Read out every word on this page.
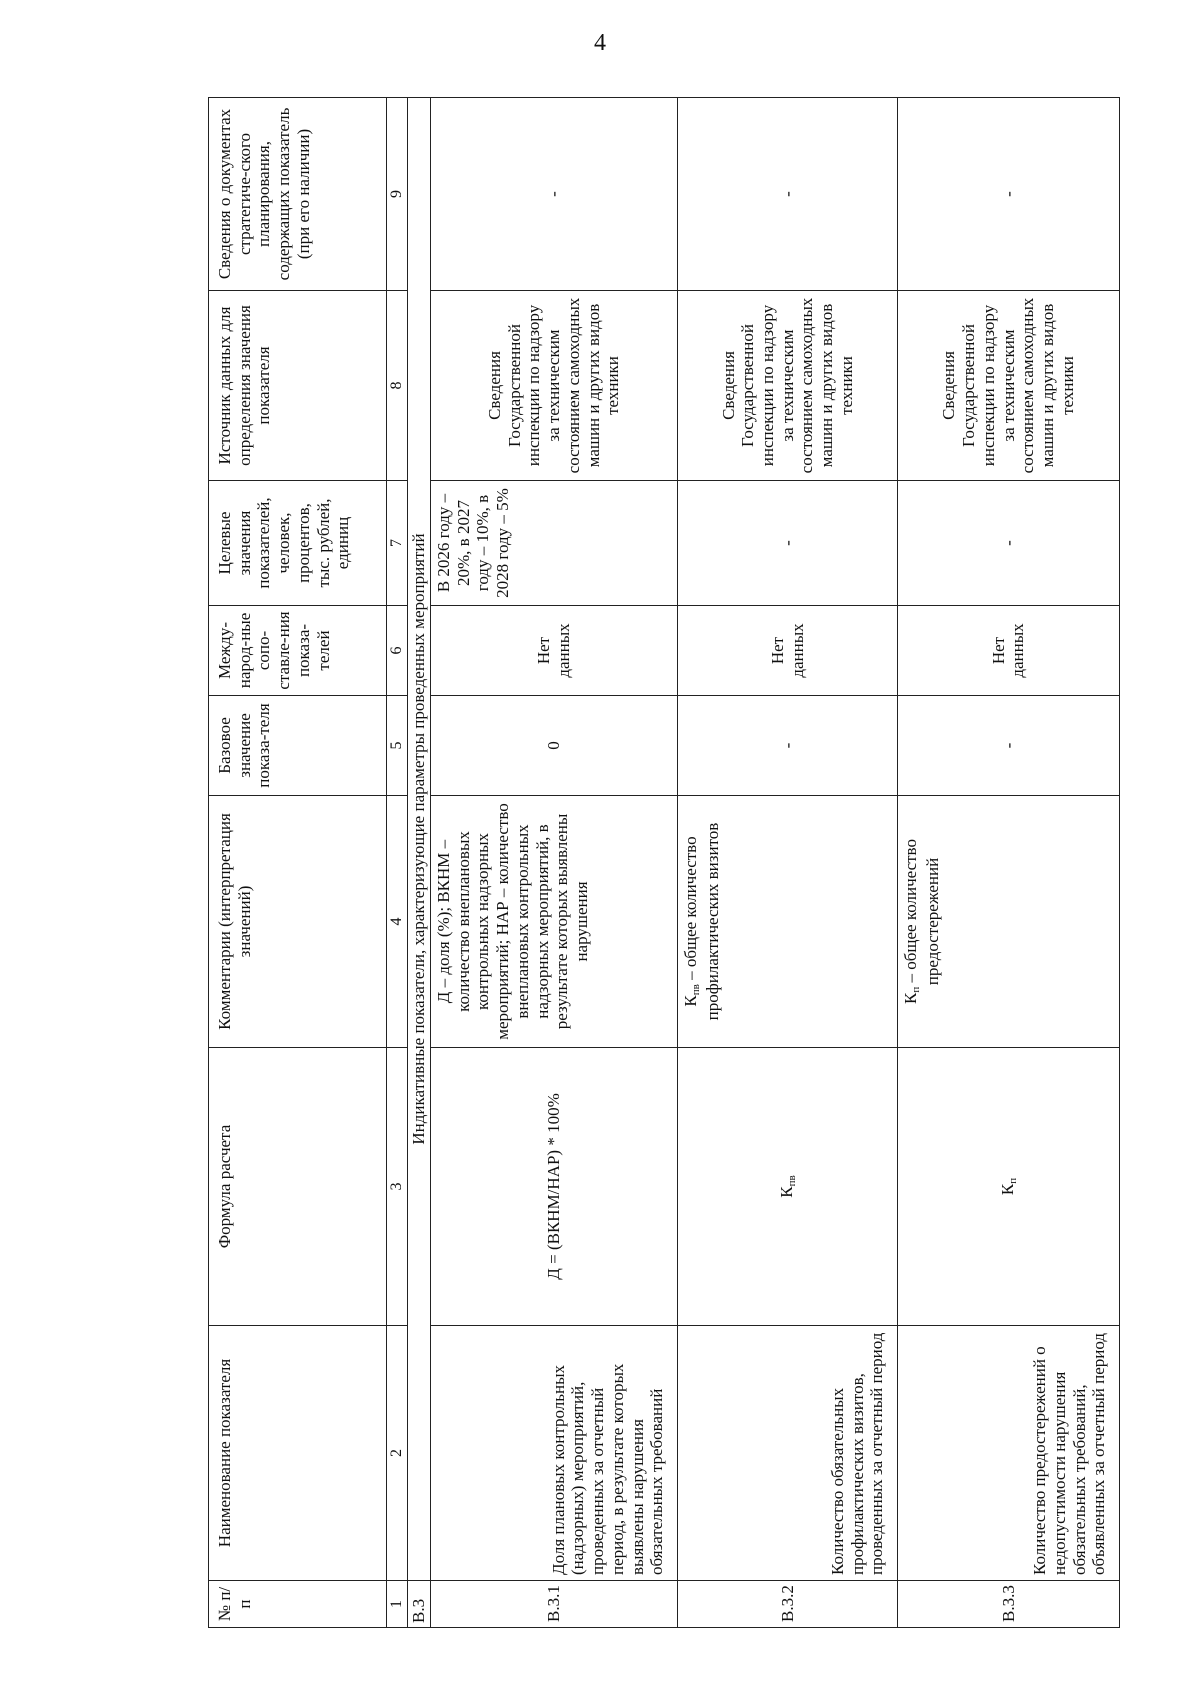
4
№ п/п	Наименование показателя	Формула расчета	Комментарии (интерпретация значений)	Базовое значение показа-теля	Между-народ-ные сопо-ставле-ния показа-телей	Целевые значения показателей, человек, процентов, тыс. рублей, единиц	Источник данных для определения значения показателя	Сведения о документах стратегиче-ского планирования, содержащих показатель (при его наличии)
1	2	3	4	5	6	7	8	9
В.3	Индикативные показатели, характеризующие параметры проведенных мероприятий							
В.3.1	Доля плановых контрольных (надзорных) мероприятий, проведенных за отчетный период, в результате которых выявлены нарушения обязательных требований	Д = (ВКНМ/НАР) * 100%	Д – доля (%); ВКНМ – количество внеплановых контрольных надзорных мероприятий; НАР – количество внеплановых контрольных надзорных мероприятий, в результате которых выявлены нарушения	0	Нет данных	В 2026 году – 20%, в 2027 году – 10%, в 2028 году – 5%	Сведения Государственной инспекции по надзору за техническим состоянием самоходных машин и других видов техники	-
В.3.2	Количество обязательных профилактических визитов, проведенных за отчетный период	$К_{пв}$	$К_{пв}$ – общее количество профилактических визитов	-	Нет данных	-	Сведения Государственной инспекции по надзору за техническим состоянием самоходных машин и других видов техники	-
В.3.3	Количество предостережений о недопустимости нарушения обязательных требований, объявленных за отчетный период	$К_п$	$К_п$ – общее количество предостережений	-	Нет данных	-	Сведения Государственной инспекции по надзору за техническим состоянием самоходных машин и других видов техники	-
